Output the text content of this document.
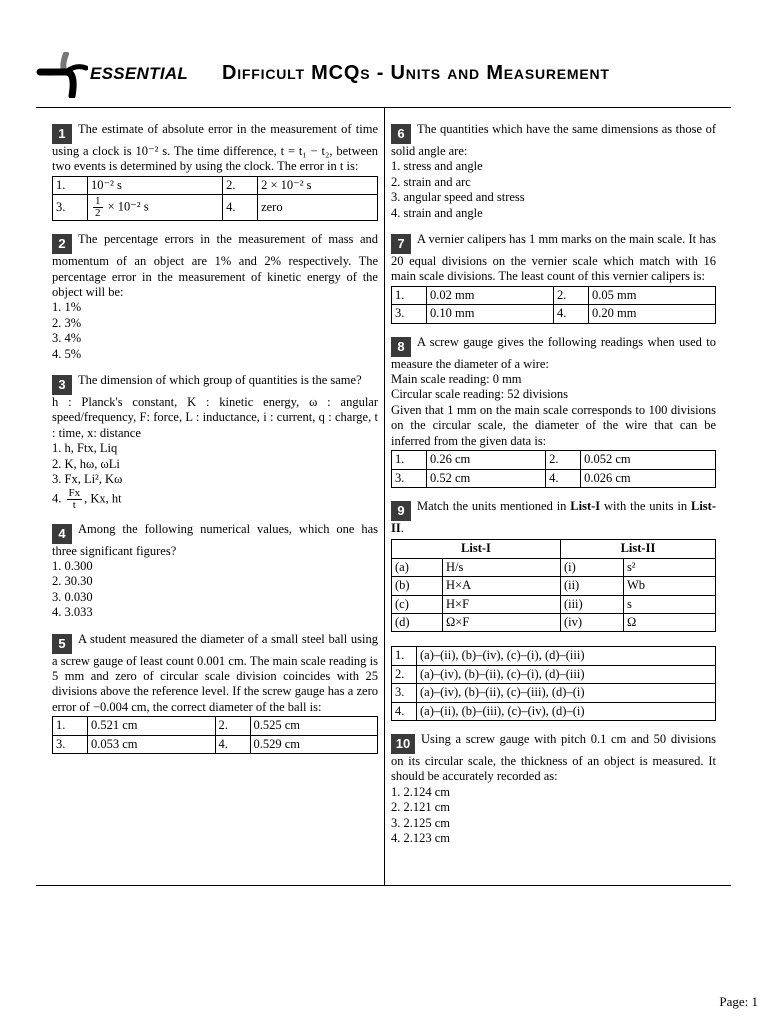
ESSENTIAL Difficult MCQs - Units and Measurement
1 The estimate of absolute error in the measurement of time using a clock is 10⁻² s. The time difference, t = t₁ − t₂, between two events is determined by using the clock. The error in t is:
1.	10⁻² s	2.	2 × 10⁻² s
3.	$\frac{1}{2} \times 10^{-2}$ s	4.	zero
2 The percentage errors in the measurement of mass and momentum of an object are 1% and 2% respectively. The percentage error in the measurement of kinetic energy of the object will be:
1. 1%
2. 3%
3. 4%
4. 5%
3 The dimension of which group of quantities is the same?
h : Planck's constant, K : kinetic energy, ω : angular speed/frequency, F: force, L : inductance, i : current, q : charge, t : time, x: distance
1. h, Ftx, Liq
2. K, hω, ωLi
3. Fx, Li², Kω
4. $\frac{Fx}{t}$ , Kx, ht
4 Among the following numerical values, which one has three significant figures?
1. 0.300
2. 30.30
3. 0.030
4. 3.033
5 A student measured the diameter of a small steel ball using a screw gauge of least count 0.001 cm. The main scale reading is 5 mm and zero of circular scale division coincides with 25 divisions above the reference level. If the screw gauge has a zero error of −0.004 cm, the correct diameter of the ball is:
1.	0.521 cm	2.	0.525 cm
3.	0.053 cm	4.	0.529 cm
6 The quantities which have the same dimensions as those of solid angle are:
1. stress and angle
2. strain and arc
3. angular speed and stress
4. strain and angle
7 A vernier calipers has 1 mm marks on the main scale. It has 20 equal divisions on the vernier scale which match with 16 main scale divisions. The least count of this vernier calipers is:
1.	0.02 mm	2.	0.05 mm
3.	0.10 mm	4.	0.20 mm
8 A screw gauge gives the following readings when used to measure the diameter of a wire:
Main scale reading: 0 mm
Circular scale reading: 52 divisions
Given that 1 mm on the main scale corresponds to 100 divisions on the circular scale, the diameter of the wire that can be inferred from the given data is:
1.	0.26 cm	2.	0.052 cm
3.	0.52 cm	4.	0.026 cm
9 Match the units mentioned in List-I with the units in List-II.
List-I		List-II	
(a)	H/s	(i)	s²
(b)	H×A	(ii)	Wb
(c)	H×F	(iii)	s
(d)	Ω×F	(iv)	Ω
1.	(a)–(ii), (b)–(iv), (c)–(i), (d)–(iii)
2.	(a)–(iv), (b)–(ii), (c)–(i), (d)–(iii)
3.	(a)–(iv), (b)–(ii), (c)–(iii), (d)–(i)
4.	(a)–(ii), (b)–(iii), (c)–(iv), (d)–(i)
10 Using a screw gauge with pitch 0.1 cm and 50 divisions on its circular scale, the thickness of an object is measured. It should be accurately recorded as:
1. 2.124 cm
2. 2.121 cm
3. 2.125 cm
4. 2.123 cm
Page: 1
